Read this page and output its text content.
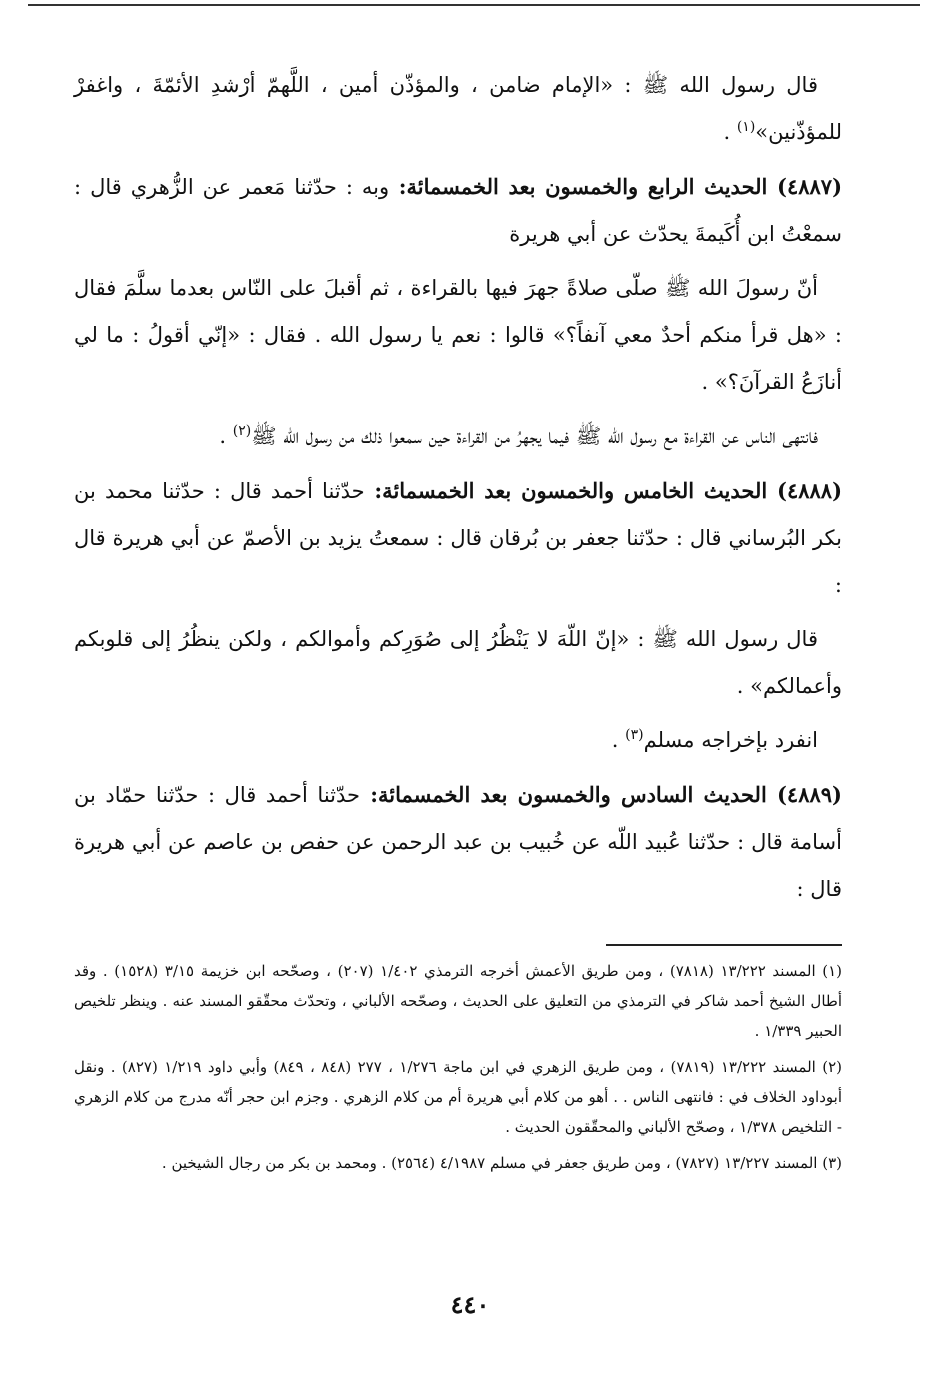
قال رسول الله ﷺ : «الإمام ضامن ، والمؤذّن أمين ، اللَّهمّ أرْشدِ الأئمّةَ ، واغفرْ للمؤذّنين»$^{(١)}$ .

(٤٨٨٧) الحديث الرابع والخمسون بعد الخمسمائة: وبه : حدّثنا مَعمر عن الزُّهري قال : سمعْتُ ابن أُكَيمةَ يحدّث عن أبي هريرة

أنّ رسولَ الله ﷺ صلّى صلاةً جهرَ فيها بالقراءة ، ثم أقبلَ على النّاس بعدما سلَّمَ فقال : «هل قرأ منكم أحدٌ معي آنفاً؟» قالوا : نعم يا رسول الله . فقال : «إنّي أقولُ : ما لي أنازَعُ القرآنَ؟» .

فانتهى الناس عن القراءة مع رسول الله ﷺ فيما يجهرُ من القراءة حين سمعوا ذلك من رسول الله ﷺ$^{(٢)}$ .

(٤٨٨٨) الحديث الخامس والخمسون بعد الخمسمائة: حدّثنا أحمد قال : حدّثنا محمد بن بكر البُرساني قال : حدّثنا جعفر بن بُرقان قال : سمعتُ يزيد بن الأصمّ عن أبي هريرة قال :

قال رسول الله ﷺ : «إنّ اللّهَ لا يَنْظُرُ إلى صُوَرِكم وأموالكم ، ولكن ينظُرُ إلى قلوبكم وأعمالكم» .

انفرد بإخراجه مسلم$^{(٣)}$ .

(٤٨٨٩) الحديث السادس والخمسون بعد الخمسمائة: حدّثنا أحمد قال : حدّثنا حمّاد بن أسامة قال : حدّثنا عُبيد اللّه عن خُبيب بن عبد الرحمن عن حفص بن عاصم عن أبي هريرة قال :

(١) المسند ١٣/٢٢٢ (٧٨١٨) ، ومن طريق الأعمش أخرجه الترمذي ١/٤٠٢ (٢٠٧) ، وصحّحه ابن خزيمة ٣/١٥ (١٥٢٨) . وقد أطال الشيخ أحمد شاكر في الترمذي من التعليق على الحديث ، وصحّحه الألباني ، وتحدّث محقّقو المسند عنه . وينظر تلخيص الحبير ١/٣٣٩ .

(٢) المسند ١٣/٢٢٢ (٧٨١٩) ، ومن طريق الزهري في ابن ماجة ١/٢٧٦ ، ٢٧٧ (٨٤٨ ، ٨٤٩) وأبي داود ١/٢١٩ (٨٢٧) . ونقل أبوداود الخلاف في : فانتهى الناس . . أهو من كلام أبي هريرة أم من كلام الزهري . وجزم ابن حجر أنّه مدرج من كلام الزهري - التلخيص ١/٣٧٨ ، وصحّح الألباني والمحقّقون الحديث .

(٣) المسند ١٣/٢٢٧ (٧٨٢٧) ، ومن طريق جعفر في مسلم ٤/١٩٨٧ (٢٥٦٤) . ومحمد بن بكر من رجال الشيخين .

٤٤٠
